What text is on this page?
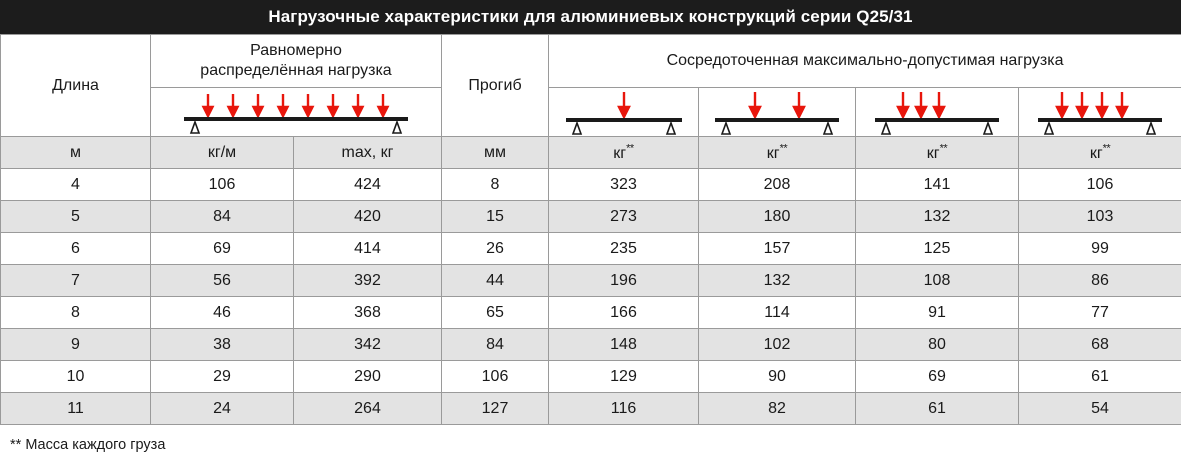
Нагрузочные характеристики для алюминиевых конструкций серии Q25/31
Длина	Равномерно
распределённая нагрузка		Прогиб	Сосредоточенная максимально-допустимая нагрузка			

м	кг/м	max, кг	мм	кг**	кг**	кг**	кг**
4	106	424	8	323	208	141	106
5	84	420	15	273	180	132	103
6	69	414	26	235	157	125	99
7	56	392	44	196	132	108	86
8	46	368	65	166	114	91	77
9	38	342	84	148	102	80	68
10	29	290	106	129	90	69	61
11	24	264	127	116	82	61	54
** Масса каждого груза
